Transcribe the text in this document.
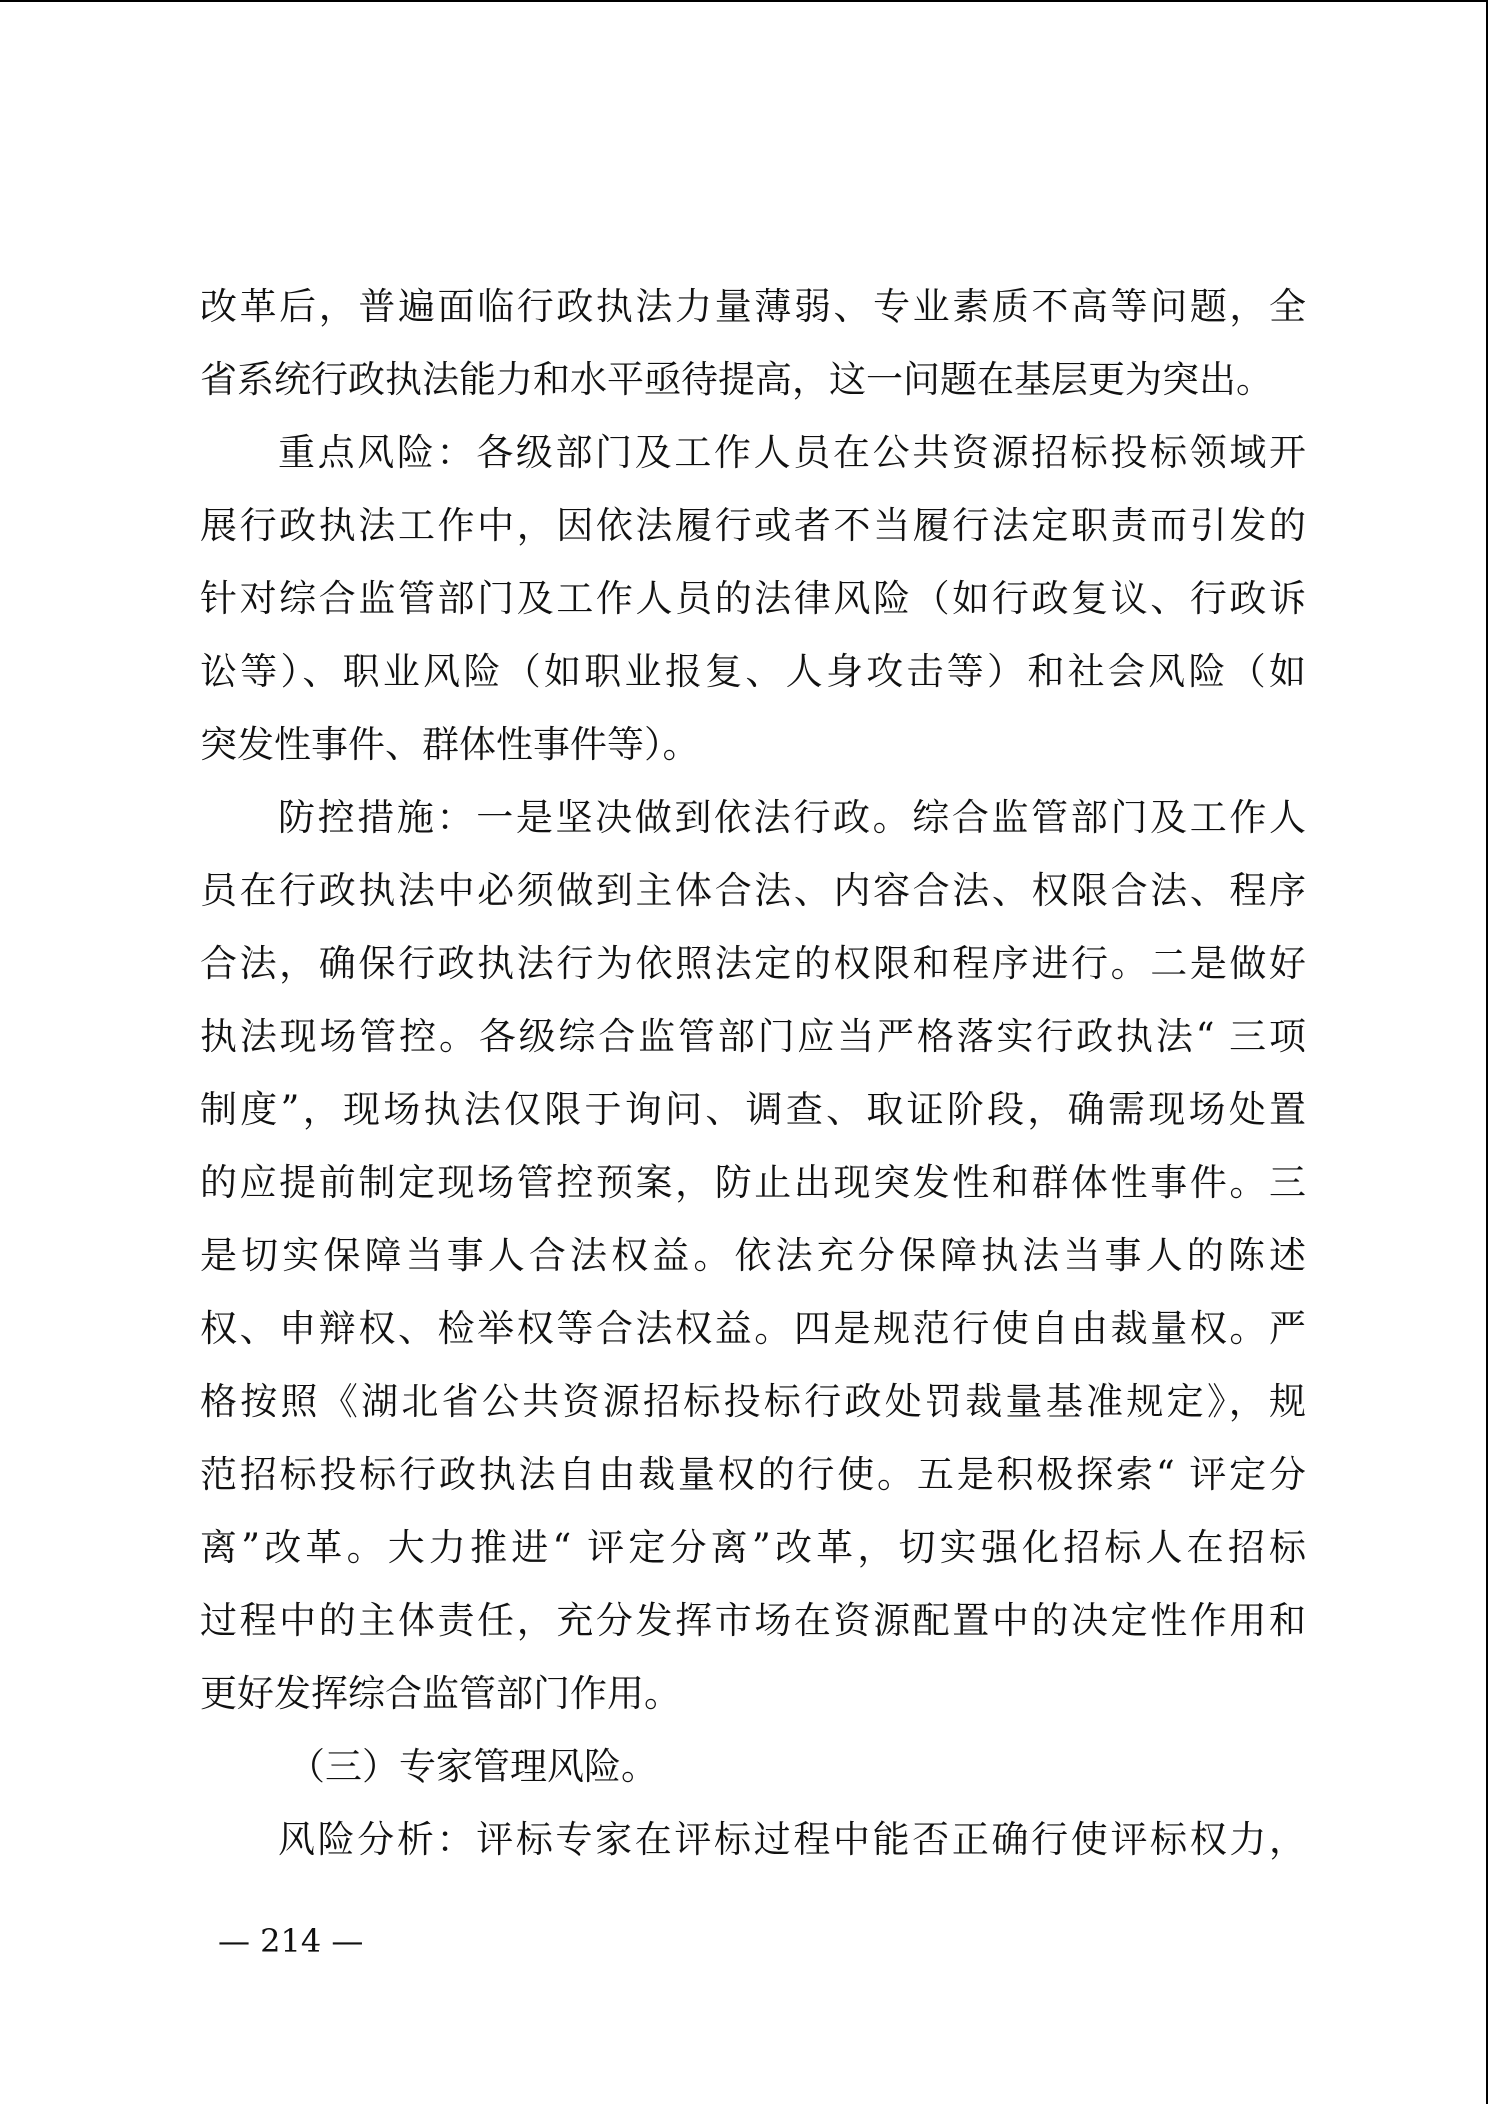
改革后，普遍面临行政执法力量薄弱、专业素质不高等问题，全
省系统行政执法能力和水平亟待提高，这一问题在基层更为突出。
重点风险：各级部门及工作人员在公共资源招标投标领域开
展行政执法工作中，因依法履行或者不当履行法定职责而引发的
针对综合监管部门及工作人员的法律风险（如行政复议、行政诉
讼等）、职业风险（如职业报复、人身攻击等）和社会风险（如
突发性事件、群体性事件等）。
防控措施：一是坚决做到依法行政。综合监管部门及工作人
员在行政执法中必须做到主体合法、内容合法、权限合法、程序
合法，确保行政执法行为依照法定的权限和程序进行。二是做好
执法现场管控。各级综合监管部门应当严格落实行政执法“ 三项
制度”，现场执法仅限于询问、调查、取证阶段，确需现场处置
的应提前制定现场管控预案，防止出现突发性和群体性事件。三
是切实保障当事人合法权益。依法充分保障执法当事人的陈述
权、申辩权、检举权等合法权益。四是规范行使自由裁量权。严
格按照《湖北省公共资源招标投标行政处罚裁量基准规定》，规
范招标投标行政执法自由裁量权的行使。五是积极探索“ 评定分
离”改革。大力推进“ 评定分离”改革，切实强化招标人在招标
过程中的主体责任，充分发挥市场在资源配置中的决定性作用和
更好发挥综合监管部门作用。
（三）专家管理风险。
风险分析：评标专家在评标过程中能否正确行使评标权力，
— 214 —
